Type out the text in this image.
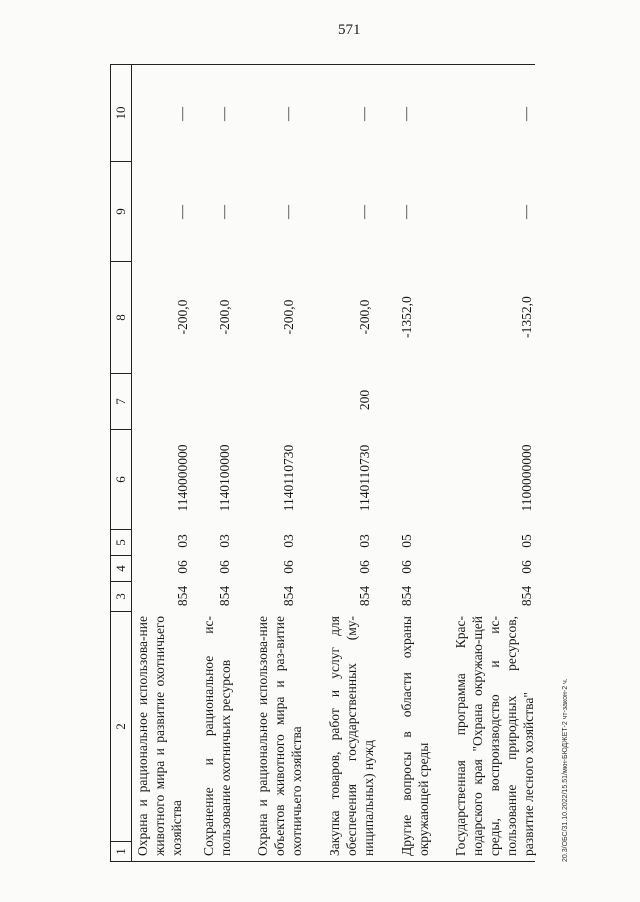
571
20.3/ОБС/31.10.2022/15.51/мкн-БЮДЖЕТ-2 чт-закон-2 ч.
1
2
3
4
5
6
7
8
9
10
Охрана и рациональное использова-ние животного мира и развитие охотничьего хозяйства
854
06
03
1140000000
-200,0
—
—
Сохранение и рациональное ис-пользование охотничьих ресурсов
854
06
03
1140100000
-200,0
—
—
Охрана и рациональное использова-ние объектов животного мира и раз-витие охотничьего хозяйства
854
06
03
1140110730
-200,0
—
—
Закупка товаров, работ и услуг для обеспечения государственных (му-ниципальных) нужд
854
06
03
1140110730
200
-200,0
—
—
Другие вопросы в области охраны окружающей среды
854
06
05
-1352,0
—
—
Государственная программа Крас-нодарского края "Охрана окружаю-щей среды, воспроизводство и ис-пользование природных ресурсов, развитие лесного хозяйства"
854
06
05
1100000000
-1352,0
—
—
